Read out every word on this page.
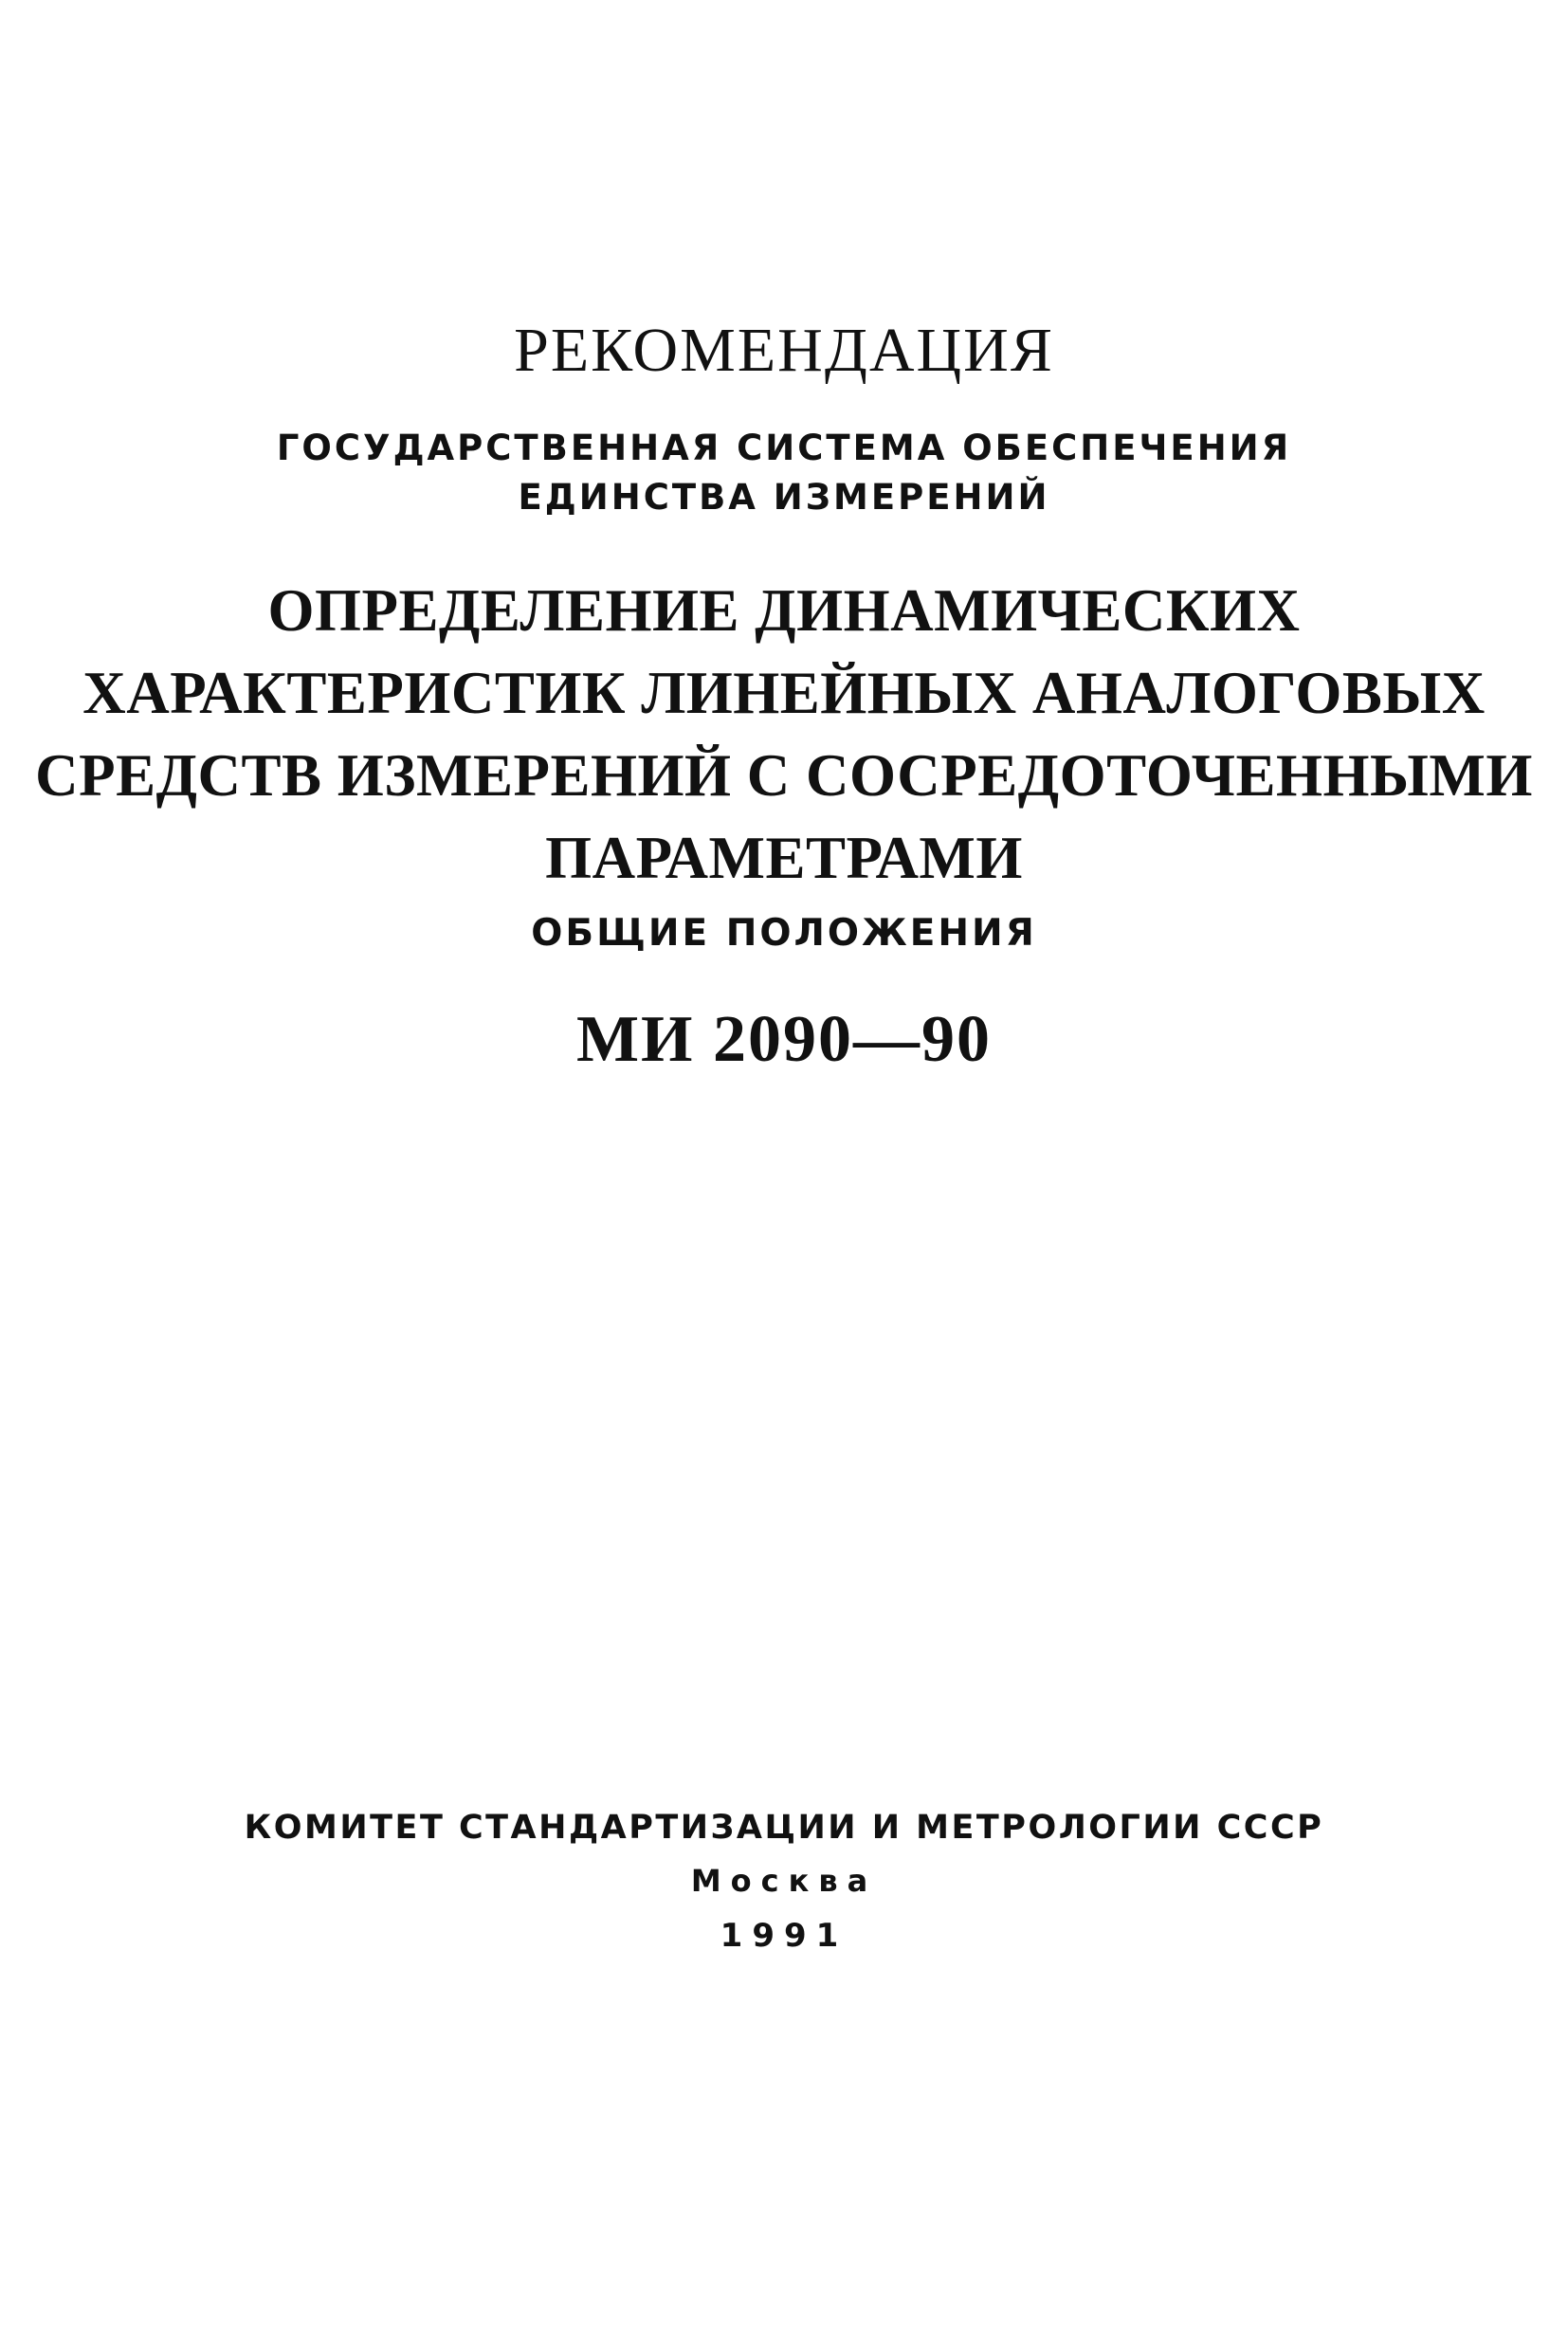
РЕКОМЕНДАЦИЯ

ГОСУДАРСТВЕННАЯ СИСТЕМА ОБЕСПЕЧЕНИЯ

ЕДИНСТВА ИЗМЕРЕНИЙ

ОПРЕДЕЛЕНИЕ ДИНАМИЧЕСКИХ
ХАРАКТЕРИСТИК ЛИНЕЙНЫХ АНАЛОГОВЫХ
СРЕДСТВ ИЗМЕРЕНИЙ С СОСРЕДОТОЧЕННЫМИ
ПАРАМЕТРАМИ

ОБЩИЕ ПОЛОЖЕНИЯ

МИ 2090—90

КОМИТЕТ СТАНДАРТИЗАЦИИ И МЕТРОЛОГИИ СССР

Москва

1991
